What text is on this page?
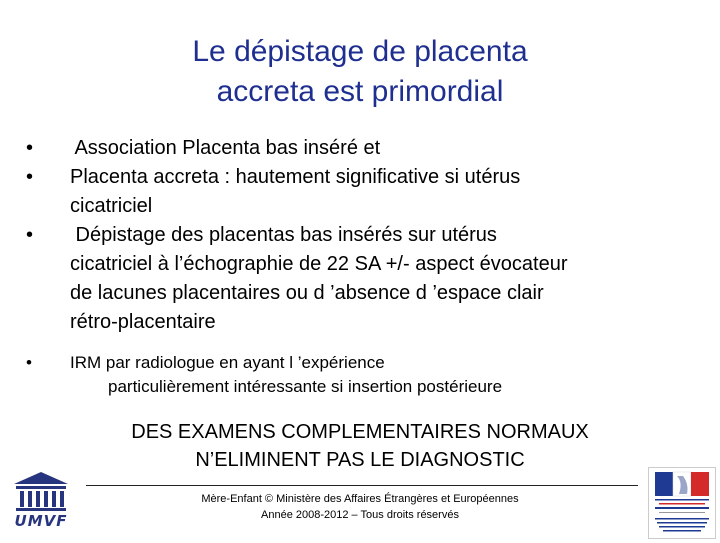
Le dépistage de placenta
accreta est primordial
•	Association Placenta bas inséré et
•	Placenta accreta : hautement significative si utérus
cicatriciel
•	Dépistage des placentas bas insérés sur utérus
cicatriciel à l’échographie de 22 SA +/- aspect évocateur
de lacunes placentaires ou d ’absence d ’espace clair
rétro-placentaire
•	IRM par radiologue en ayant l ’expérience
particulièrement intéressante si insertion postérieure
DES EXAMENS COMPLEMENTAIRES NORMAUX
N’ELIMINENT PAS LE DIAGNOSTIC
Mère-Enfant © Ministère des Affaires Étrangères et Européennes
Année 2008-2012 – Tous droits réservés
UMVF
